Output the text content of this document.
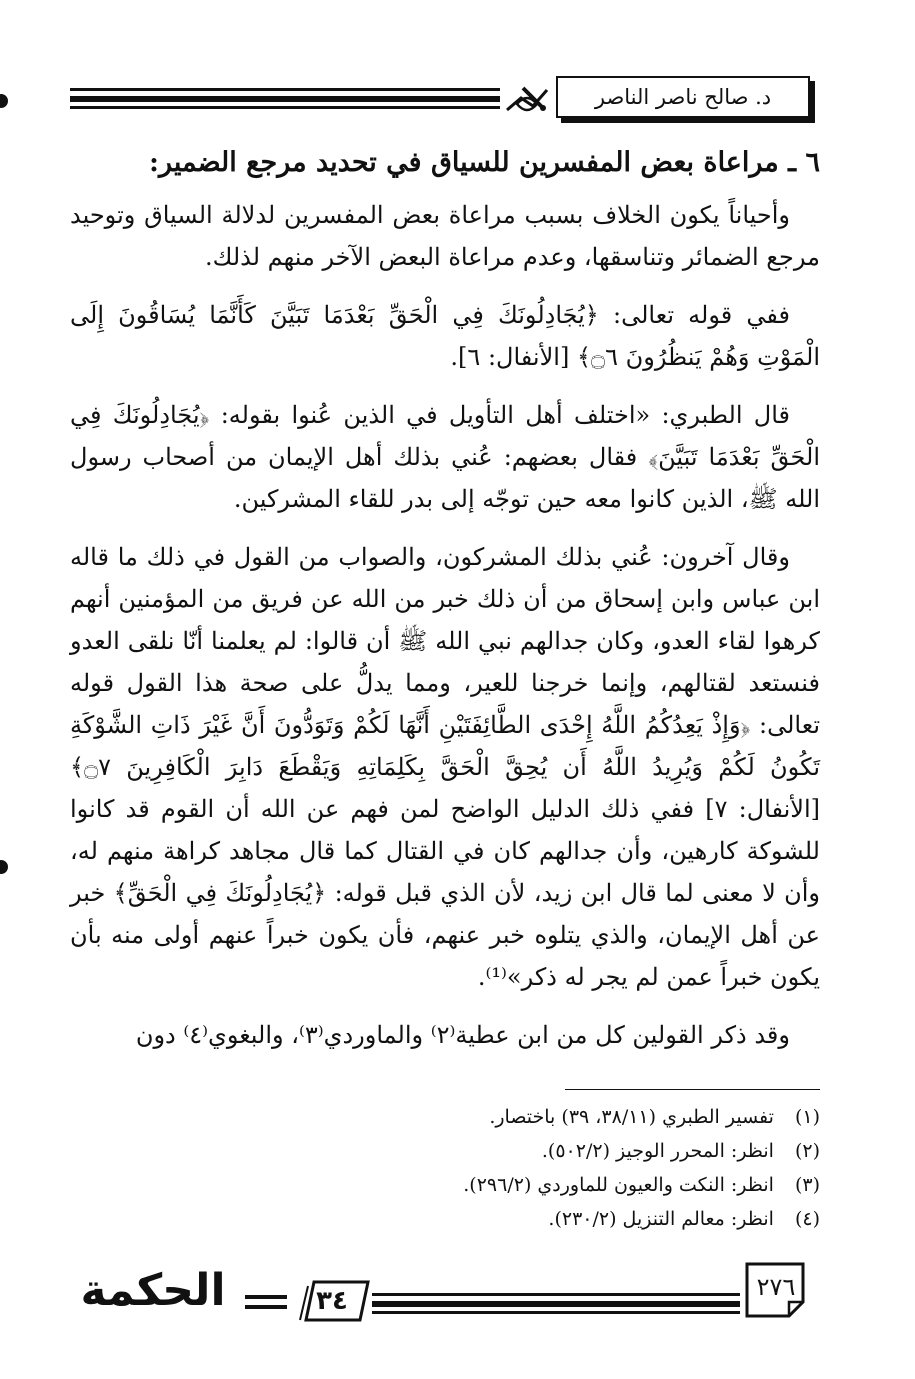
د. صالح ناصر الناصر
٦ ـ مراعاة بعض المفسرين للسياق في تحديد مرجع الضمير:

وأحياناً يكون الخلاف بسبب مراعاة بعض المفسرين لدلالة السياق وتوحيد مرجع الضمائر وتناسقها، وعدم مراعاة البعض الآخر منهم لذلك.

ففي قوله تعالى: ﴿يُجَادِلُونَكَ فِي الْحَقِّ بَعْدَمَا تَبَيَّنَ كَأَنَّمَا يُسَاقُونَ إِلَى الْمَوْتِ وَهُمْ يَنظُرُونَ ۝٦﴾ [الأنفال: ٦].

قال الطبري: «اختلف أهل التأويل في الذين عُنوا بقوله: ﴿يُجَادِلُونَكَ فِي الْحَقِّ بَعْدَمَا تَبَيَّنَ﴾ فقال بعضهم: عُني بذلك أهل الإيمان من أصحاب رسول الله ﷺ، الذين كانوا معه حين توجّه إلى بدر للقاء المشركين.

وقال آخرون: عُني بذلك المشركون، والصواب من القول في ذلك ما قاله ابن عباس وابن إسحاق من أن ذلك خبر من الله عن فريق من المؤمنين أنهم كرهوا لقاء العدو، وكان جدالهم نبي الله ﷺ أن قالوا: لم يعلمنا أنّا نلقى العدو فنستعد لقتالهم، وإنما خرجنا للعير، ومما يدلُّ على صحة هذا القول قوله تعالى: ﴿وَإِذْ يَعِدُكُمُ اللَّهُ إِحْدَى الطَّائِفَتَيْنِ أَنَّهَا لَكُمْ وَتَوَدُّونَ أَنَّ غَيْرَ ذَاتِ الشَّوْكَةِ تَكُونُ لَكُمْ وَيُرِيدُ اللَّهُ أَن يُحِقَّ الْحَقَّ بِكَلِمَاتِهِ وَيَقْطَعَ دَابِرَ الْكَافِرِينَ ۝٧﴾ [الأنفال: ٧] ففي ذلك الدليل الواضح لمن فهم عن الله أن القوم قد كانوا للشوكة كارهين، وأن جدالهم كان في القتال كما قال مجاهد كراهة منهم له، وأن لا معنى لما قال ابن زيد، لأن الذي قبل قوله: ﴿يُجَادِلُونَكَ فِي الْحَقِّ﴾ خبر عن أهل الإيمان، والذي يتلوه خبر عنهم، فأن يكون خبراً عنهم أولى منه بأن يكون خبراً عمن لم يجر له ذكر»⁽¹⁾.

وقد ذكر القولين كل من ابن عطية⁽٢⁾ والماوردي⁽٣⁾، والبغوي⁽٤⁾ دون

(١) تفسير الطبري (٣٨/١١، ٣٩) باختصار.
(٢) انظر: المحرر الوجيز (٥٠٢/٢).
(٣) انظر: النكت والعيون للماوردي (٢٩٦/٢).
(٤) انظر: معالم التنزيل (٢٣٠/٢).
الحكمة	٣٤	٢٧٦
